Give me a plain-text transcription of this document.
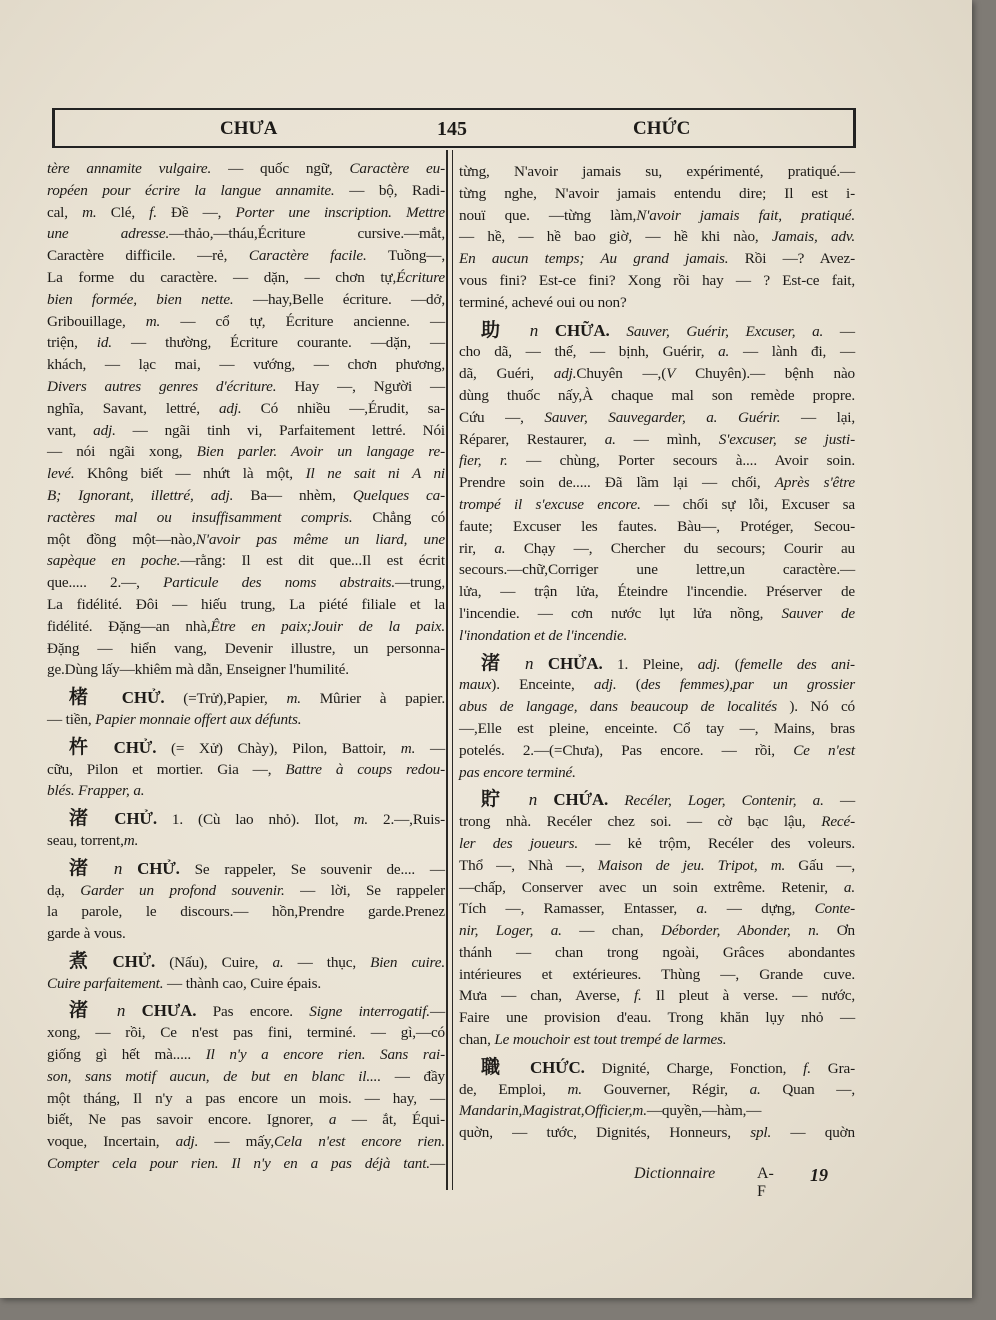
CHƯA	145	CHỨC
tère annamite vulgaire. — quốc ngữ, Caractère eu-
ropéen pour écrire la langue annamite. — bộ, Radi-
cal, m. Clé, f. Đề —, Porter une inscription. Mettre
une adresse.—thảo,—tháu,Écriture cursive.—mắt,
Caractère difficile. —rẻ, Caractère facile. Tuồng—,
La forme du caractère. — dặn, — chơn tự,Écriture
bien formée, bien nette. —hay,Belle écriture. —dở,
Gribouillage, m. — cổ tự, Écriture ancienne. —
triện, id. — thường, Écriture courante. —dặn, —
khách, — lạc mai, — vướng, — chơn phương,
Divers autres genres d'écriture. Hay —, Người —
nghĩa, Savant, lettré, adj. Có nhiều —,Érudit, sa-
vant, adj. — ngãi tinh vi, Parfaitement lettré. Nói
— nói ngãi xong, Bien parler. Avoir un langage re-
levé. Không biết — nhứt là một, Il ne sait ni A ni
B; Ignorant, illettré, adj. Ba— nhèm, Quelques ca-
ractères mal ou insuffisamment compris. Chẳng có
một đồng một—nào,N'avoir pas même un liard, une
sapèque en poche.—rằng: Il est dit que...Il est écrit
que..... 2.—, Particule des noms abstraits.—trung,
La fidélité. Đôi — hiếu trung, La piété filiale et la
fidélité. Đặng—an nhà,Être en paix;Jouir de la paix.
Đặng — hiển vang, Devenir illustre, un personna-
ge.Dùng lấy—khiêm mà dẫn, Enseigner l'humilité.
楮 CHỬ. (=Trử),Papier, m. Mûrier à papier.
— tiền, Papier monnaie offert aux défunts.
杵 CHỬ. (= Xử) Chày), Pilon, Battoir, m. —
cữu, Pilon et mortier. Gia —, Battre à coups redou-
blés. Frapper, a.
渚 CHỬ. 1. (Cù lao nhỏ). Ilot, m. 2.—,Ruis-
seau, torrent,m.
渚 n CHỬ. Se rappeler, Se souvenir de.... —
dạ, Garder un profond souvenir. — lời, Se rappeler
la parole, le discours.— hồn,Prendre garde.Prenez
garde à vous.
煮 CHỬ. (Nấu), Cuire, a. — thục, Bien cuire.
Cuire parfaitement. — thành cao, Cuire épais.
渚 n CHƯA. Pas encore. Signe interrogatif.—
xong, — rồi, Ce n'est pas fini, terminé. — gì,—có
giống gì hết mà..... Il n'y a encore rien. Sans rai-
son, sans motif aucun, de but en blanc il.... — đầy
một tháng, Il n'y a pas encore un mois. — hay, —
biết, Ne pas savoir encore. Ignorer, a — ắt, Équi-
voque, Incertain, adj. — mấy,Cela n'est encore rien.
Compter cela pour rien. Il n'y en a pas déjà tant.—
từng, N'avoir jamais su, expérimenté, pratiqué.—
từng nghe, N'avoir jamais entendu dire; Il est i-
nouï que. —từng làm,N'avoir jamais fait, pratiqué.
— hề, — hề bao giờ, — hề khi nào, Jamais, adv.
En aucun temps; Au grand jamais. Rồi —? Avez-
vous fini? Est-ce fini? Xong rồi hay — ? Est-ce fait,
terminé, achevé oui ou non?
助 n CHỮA. Sauver, Guérir, Excuser, a. —
cho dã, — thế, — bịnh, Guérir, a. — lành đi, —
dã, Guéri, adj.Chuyên —,(V Chuyên).— bệnh nào
dùng thuốc nấy,À chaque mal son remède propre.
Cứu —, Sauver, Sauvegarder, a. Guérir. — lại,
Réparer, Restaurer, a. — mình, S'excuser, se justi-
fier, r. — chùng, Porter secours à.... Avoir soin.
Prendre soin de..... Đã lầm lại — chối, Après s'être
trompé il s'excuse encore. — chối sự lỗi, Excuser sa
faute; Excuser les fautes. Bàu—, Protéger, Secou-
rir, a. Chạy —, Chercher du secours; Courir au
secours.—chữ,Corriger une lettre,un caractère.—
lửa, — trận lửa, Éteindre l'incendie. Préserver de
l'incendie. — cơn nước lụt lửa nồng, Sauver de
l'inondation et de l'incendie.
渚 n CHỬA. 1. Pleine, adj. (femelle des ani-
maux). Enceinte, adj. (des femmes),par un grossier
abus de langage, dans beaucoup de localités ). Nó có
—,Elle est pleine, enceinte. Cổ tay —, Mains, bras
potelés. 2.—(=Chưa), Pas encore. — rồi, Ce n'est
pas encore terminé.
貯 n CHỨA. Recéler, Loger, Contenir, a. —
trong nhà. Recéler chez soi. — cờ bạc lậu, Recé-
ler des joueurs. — kẻ trộm, Recéler des voleurs.
Thổ —, Nhà —, Maison de jeu. Tripot, m. Gấu —,
—chấp, Conserver avec un soin extrême. Retenir, a.
Tích —, Ramasser, Entasser, a. — dựng, Conte-
nir, Loger, a. — chan, Déborder, Abonder, n. Ơn
thánh — chan trong ngoài, Grâces abondantes
intérieures et extérieures. Thùng —, Grande cuve.
Mưa — chan, Averse, f. Il pleut à verse. — nước,
Faire une provision d'eau. Trong khăn lụy nhỏ —
chan, Le mouchoir est tout trempé de larmes.
職 CHỨC. Dignité, Charge, Fonction, f. Gra-
de, Emploi, m. Gouverner, Régir, a. Quan —,
Mandarin,Magistrat,Officier,m.—quyền,—hàm,—
quờn, — tước, Dignités, Honneurs, spl. — quờn
Dictionnaire	A-F
19
